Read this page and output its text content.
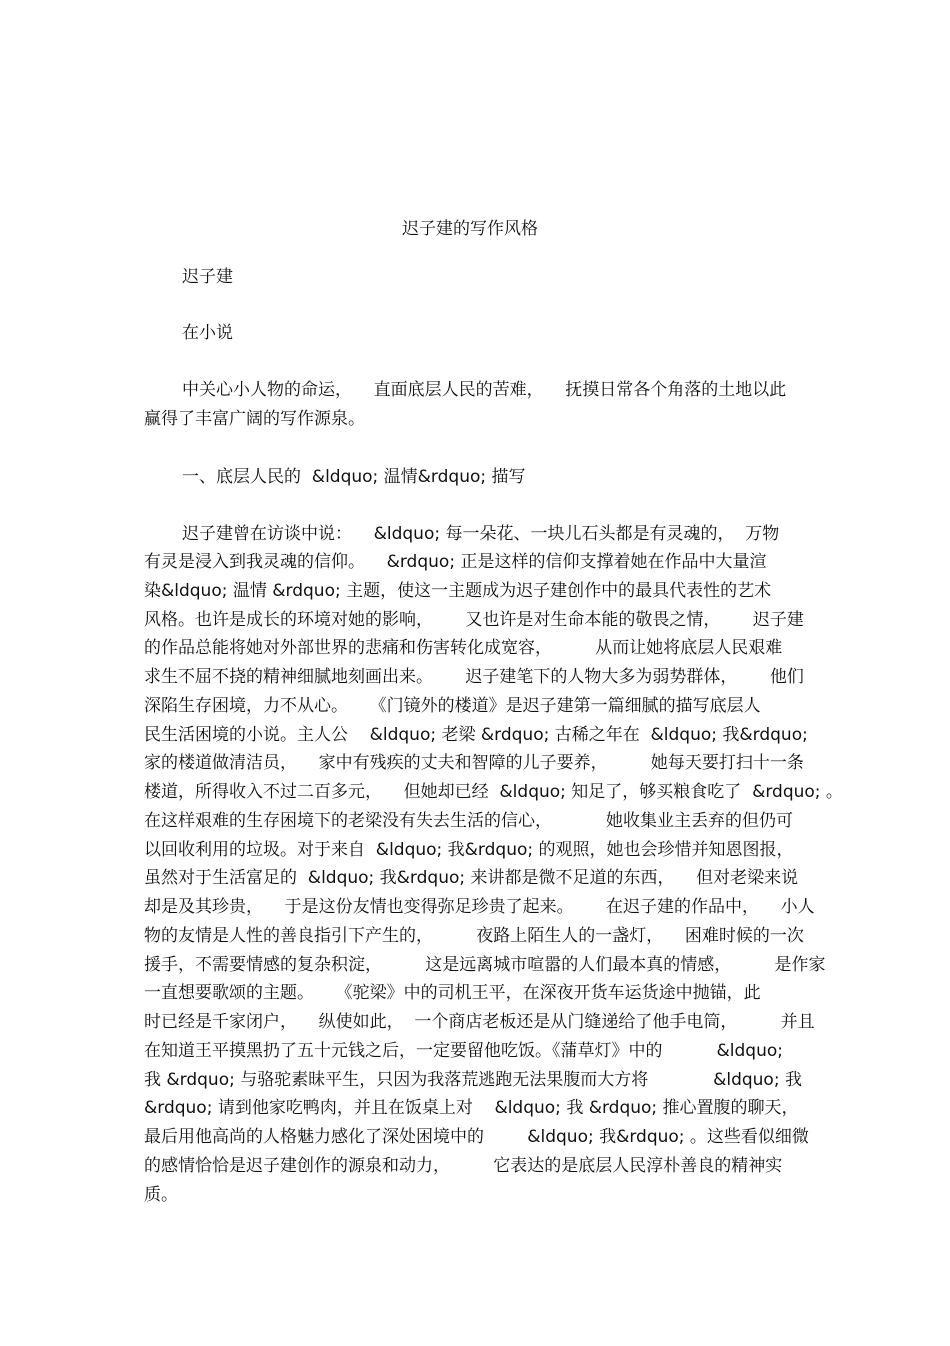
迟子建的写作风格
迟子建
在小说
中关心小人物的命运，    直面底层人民的苦难，    抚摸日常各个角落的土地以此
赢得了丰富广阔的写作源泉。
一、底层人民的  &ldquo; 温情&rdquo; 描写
迟子建曾在访谈中说：    &ldquo; 每一朵花、一块儿石头都是有灵魂的，  万物
有灵是浸入到我灵魂的信仰。    &rdquo; 正是这样的信仰支撑着她在作品中大量渲
染&ldquo; 温情 &rdquo; 主题，使这一主题成为迟子建创作中的最具代表性的艺术
风格。也许是成长的环境对她的影响，      又也许是对生命本能的敬畏之情，      迟子建
的作品总能将她对外部世界的悲痛和伤害转化成宽容，        从而让她将底层人民艰难
求生不屈不挠的精神细腻地刻画出来。      迟子建笔下的人物大多为弱势群体，      他们
深陷生存困境，力不从心。    《门镜外的楼道》是迟子建第一篇细腻的描写底层人
民生活困境的小说。主人公    &ldquo; 老梁 &rdquo; 古稀之年在  &ldquo; 我&rdquo;
家的楼道做清洁员，    家中有残疾的丈夫和智障的儿子要养，        她每天要打扫十一条
楼道，所得收入不过二百多元，    但她却已经  &ldquo; 知足了，够买粮食吃了  &rdquo; 。
在这样艰难的生存困境下的老梁没有失去生活的信心，          她收集业主丢弃的但仍可
以回收利用的垃圾。对于来自  &ldquo; 我&rdquo; 的观照，她也会珍惜并知恩图报，
虽然对于生活富足的  &ldquo; 我&rdquo; 来讲都是微不足道的东西，    但对老梁来说
却是及其珍贵，    于是这份友情也变得弥足珍贵了起来。      在迟子建的作品中，    小人
物的友情是人性的善良指引下产生的，        夜路上陌生人的一盏灯，    困难时候的一次
援手，不需要情感的复杂积淀，        这是远离城市喧嚣的人们最本真的情感，        是作家
一直想要歌颂的主题。    《驼梁》中的司机王平，在深夜开货车运货途中抛锚，此
时已经是千家闭户，    纵使如此，  一个商店老板还是从门缝递给了他手电筒，        并且
在知道王平摸黑扔了五十元钱之后，一定要留他吃饭。《蒲草灯》中的          &ldquo;
我 &rdquo; 与骆驼素昧平生，只因为我落荒逃跑无法果腹而大方将            &ldquo; 我
&rdquo; 请到他家吃鸭肉，并且在饭桌上对    &ldquo; 我 &rdquo; 推心置腹的聊天，
最后用他高尚的人格魅力感化了深处困境中的        &ldquo; 我&rdquo; 。这些看似细微
的感情恰恰是迟子建创作的源泉和动力，        它表达的是底层人民淳朴善良的精神实
质。
